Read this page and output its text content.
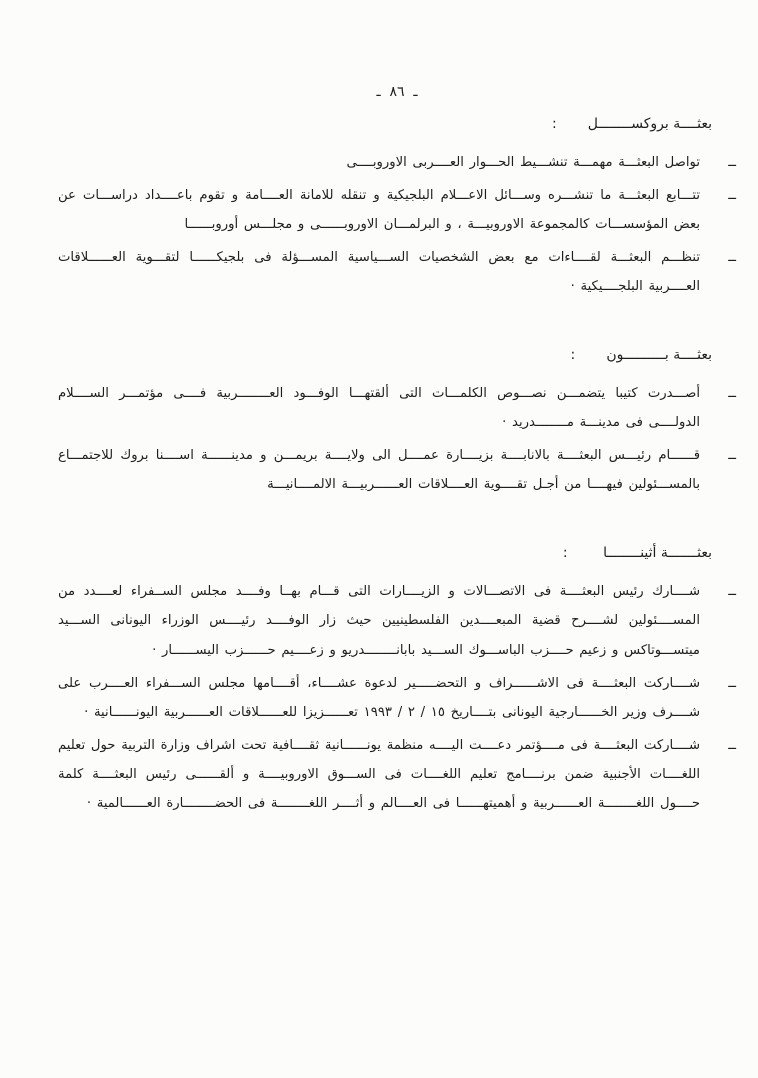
ـ  ٨٦  ـ
بعثــــة بروكســــــــل       :
ــ

تواصل البعثـــة مهمـــة تنشـــيط الحـــوار العــــربى الاوروبــــى

ــ

تتـــابع البعثـــة ما تنشـــره وســـائل الاعـــلام البلجيكية و تنقله للامانة العــــامة و تقوم باعــــداد دراســـات عن بعض المؤسســـات كالمجموعة الاوروبيـــة ، و البرلمـــان الاوروبــــــى و مجلـــس أوروبــــــا

ــ

تنظـــم البعثـــة لقــــاءات مع بعض الشخصيات الســـياسية المســـؤلة فى بلجيكــــــا لتقـــوية العــــــلاقات العــــربية البلجــــيكية ·

بعثــــة بــــــــــون       :
ــ

أصـــدرت كتيبا يتضمـــن نصـــوص الكلمـــات التى ألقتهـــا الوفـــود العــــــــربية فــــى مؤتمـــر الســــلام الدولــــى فى مدينـــة مــــــــدريد ·

ــ

قــــــام رئيـــس البعثــــة بالانابــــة بزيــــارة عمــــل الى ولايــــة بريمـــن و مدينــــــة اســــنا بروك للاجتمـــاع بالمســـئولين فيهــــا من أجـل تقــــوية العــــلاقات العــــــربيـــة الالمــــانيـــة

بعثـــــــة أثينــــــــا        :
ــ

شــــارك رئيس البعثــــة فى الاتصـــالات و الزيــــارات التى قـــام بهــا وفــــد مجلس الســفراء لعــــدد من المســــئولين لشــــرح قضية المبعــــدين الفلسطينيين حيث زار الوفــــد رئيــــس الوزراء اليونانى الســـيد ميتســـوتاكس و زعيم حــــزب الباســـوك الســـيد بابانــــــــدريو و زعــــيم حــــــزب اليســــــار ·

ــ

شــــاركت البعثــــة فى الاشــــــراف و التحضـــــير لدعوة عشــــاء، أقــــامها مجلس الســـفراء العــــرب على شــــرف وزير الخــــــارجية اليونانى بتــــاريخ ١٥ / ٢ / ١٩٩٣ تعــــــزيزا للعــــــلاقات العــــــربية اليونــــــانية ·

ــ

شــــاركت البعثــــة فى مــــؤتمر دعــــت اليــــه منظمة يونــــــانية ثقــــافية تحت اشراف وزارة التربية حول تعليم اللغــــات الأجنبية ضمن برنــــامج تعليم اللغــــات فى الســـوق الاوروبيــــة و ألقــــــى رئيس البعثــــة كلمة حــــول اللغــــــــة العــــــربية و أهميتهــــــا فى العــــالم و أثــــر اللغــــــــة فى الحضــــــــارة العــــــالمية ·
